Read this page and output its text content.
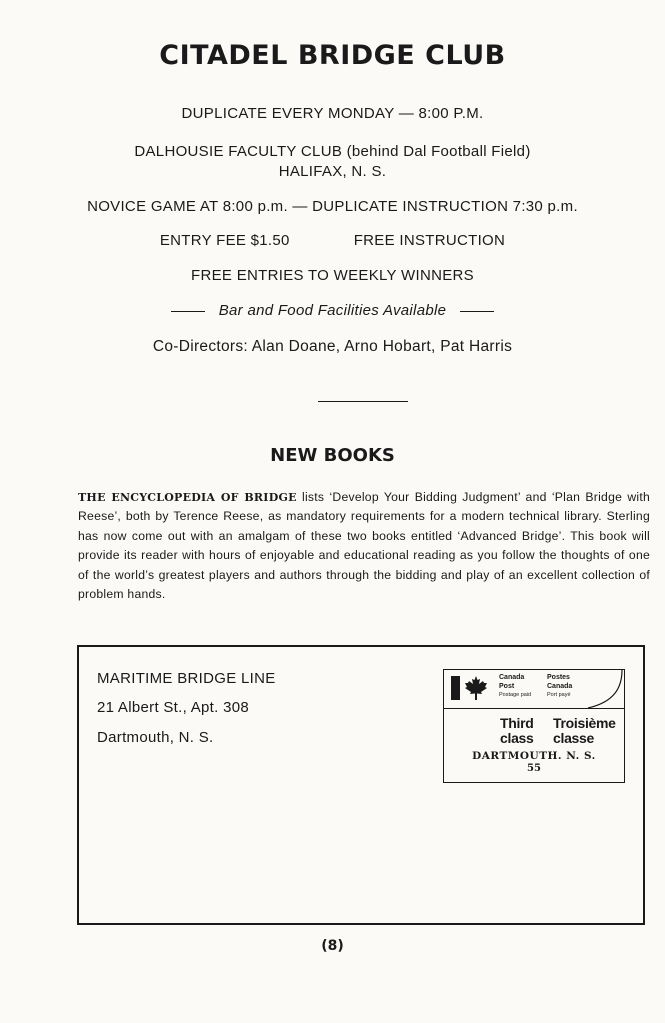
CITADEL BRIDGE CLUB
DUPLICATE EVERY MONDAY — 8:00 P.M.
DALHOUSIE FACULTY CLUB (behind Dal Football Field)
HALIFAX, N. S.
NOVICE GAME AT 8:00 p.m. — DUPLICATE INSTRUCTION 7:30 p.m.
ENTRY FEE $1.50	FREE INSTRUCTION
FREE ENTRIES TO WEEKLY WINNERS
Bar and Food Facilities Available
Co-Directors: Alan Doane, Arno Hobart, Pat Harris
NEW BOOKS
THE ENCYCLOPEDIA OF BRIDGE lists ‘Develop Your Bidding Judgment’ and ‘Plan Bridge with Reese’, both by Terence Reese, as mandatory requirements for a modern technical library. Sterling has now come out with an amalgam of these two books entitled ‘Advanced Bridge’. This book will provide its reader with hours of enjoyable and educational reading as you follow the thoughts of one of the world’s greatest players and authors through the bidding and play of an excellent collection of problem hands.
MARITIME BRIDGE LINE
21 Albert St., Apt. 308
Dartmouth, N. S.
Canada
Post
Postage paid
Postes
Canada
Port payé
Third
class
Troisième
classe
DARTMOUTH. N. S.
55
(8)
